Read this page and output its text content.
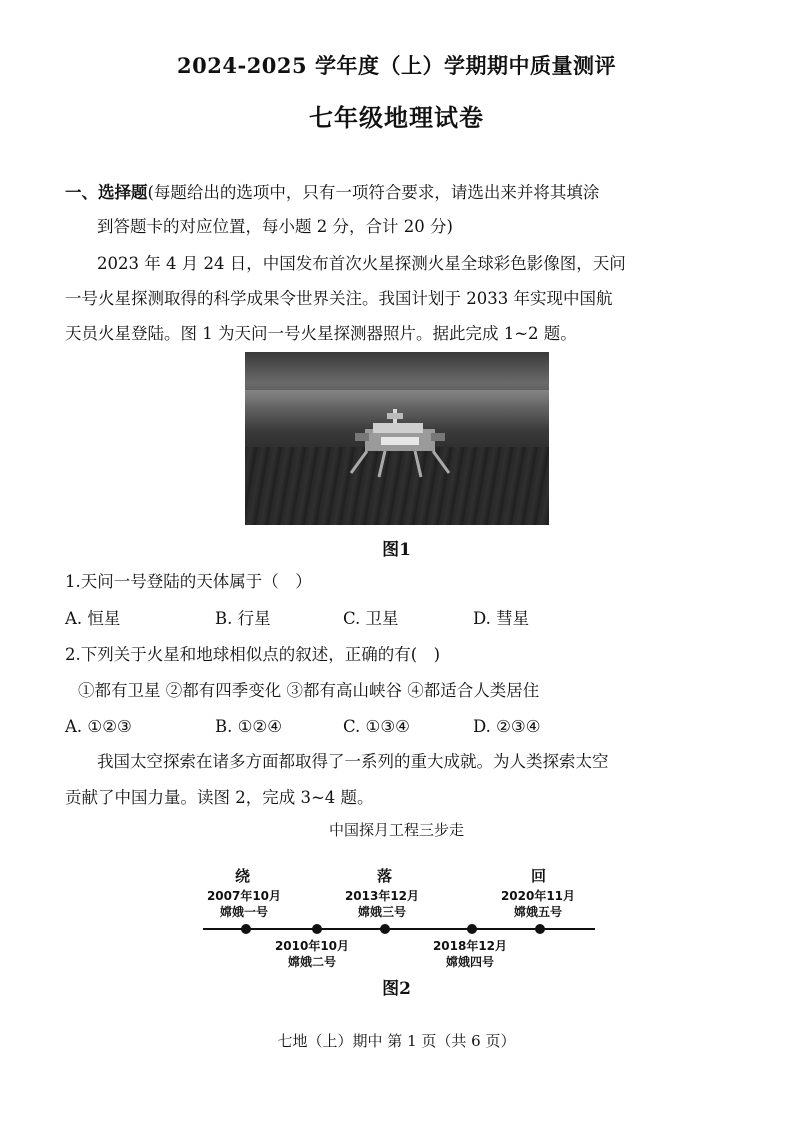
2024-2025 学年度（上）学期期中质量测评
七年级地理试卷
一、选择题(每题给出的选项中，只有一项符合要求，请选出来并将其填涂
到答题卡的对应位置，每小题 2 分，合计 20 分)
2023 年 4 月 24 日，中国发布首次火星探测火星全球彩色影像图，天问
一号火星探测取得的科学成果令世界关注。我国计划于 2033 年实现中国航
天员火星登陆。图 1 为天问一号火星探测器照片。据此完成 1~2 题。
图1
1.天问一号登陆的天体属于（　）
A. 恒星	B. 行星	C. 卫星	D. 彗星
2.下列关于火星和地球相似点的叙述，正确的有(　)
①都有卫星 ②都有四季变化 ③都有高山峡谷 ④都适合人类居住
A. ①②③	B. ①②④	C. ①③④	D. ②③④
我国太空探索在诸多方面都取得了一系列的重大成就。为人类探索太空
贡献了中国力量。读图 2，完成 3~4 题。
中国探月工程三步走
绕	落	回
2007年10月
嫦娥一号
2013年12月
嫦娥三号
2020年11月
嫦娥五号
2010年10月
嫦娥二号
2018年12月
嫦娥四号
图2
七地（上）期中 第 1 页（共 6 页）
